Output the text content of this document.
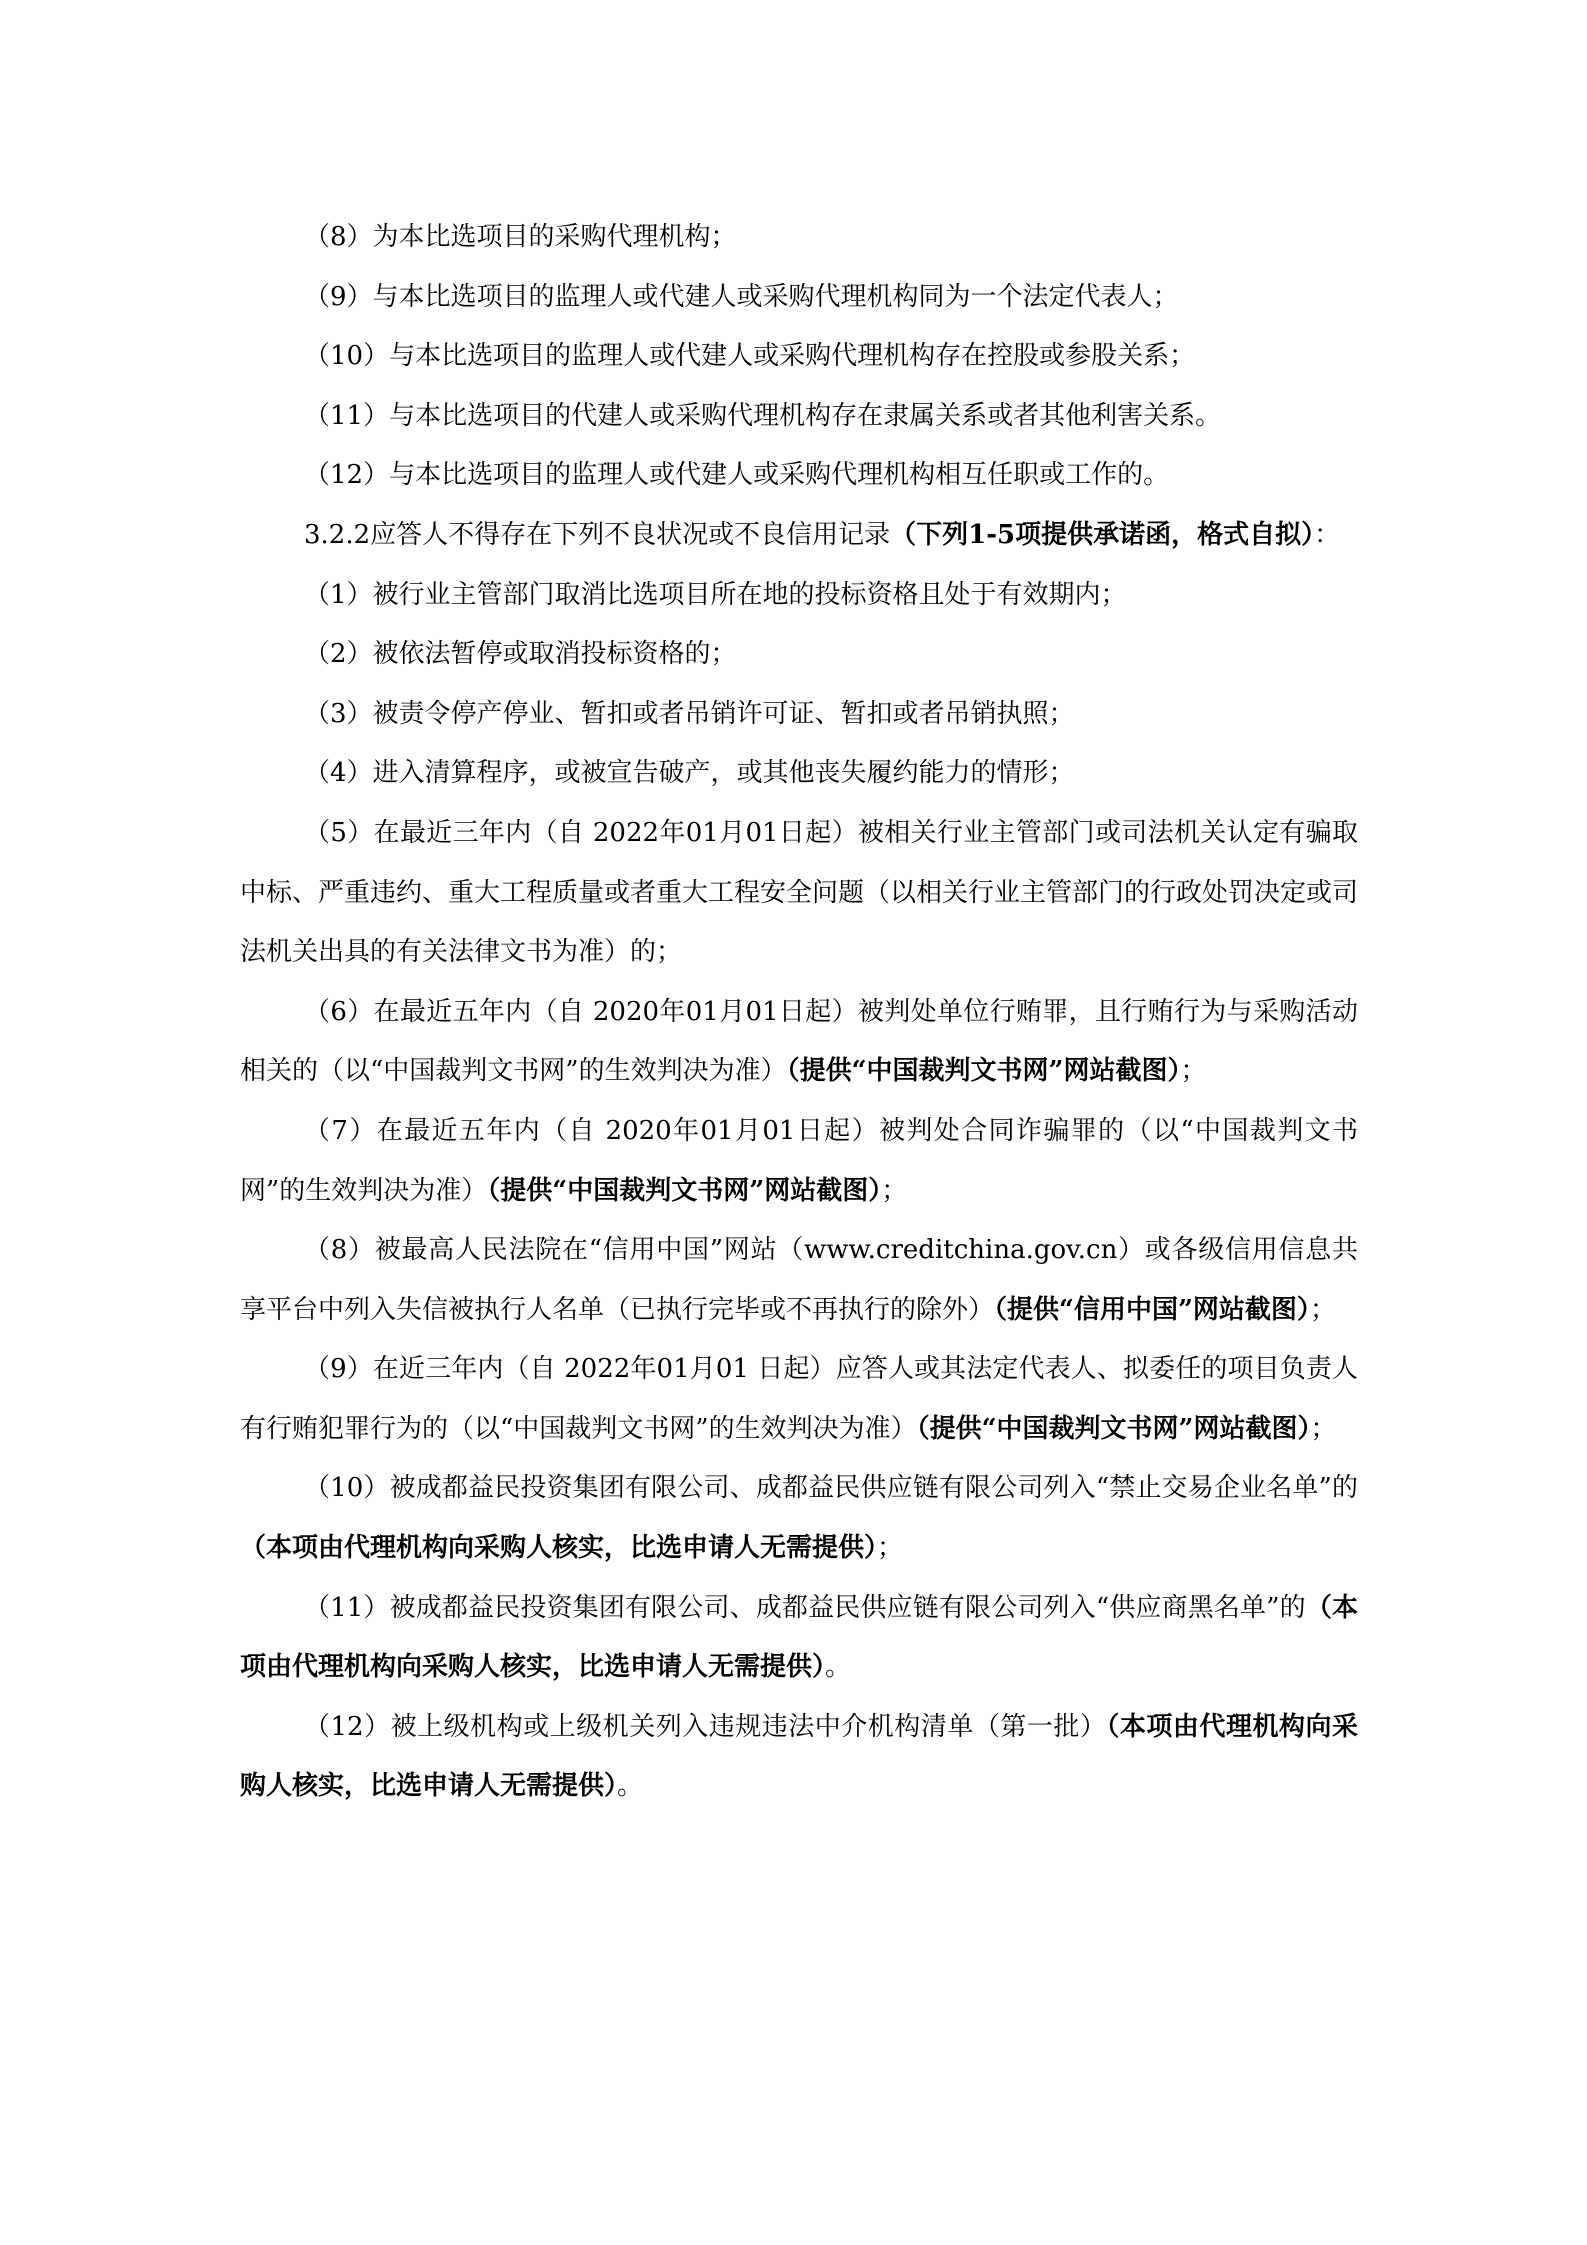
（8）为本比选项目的采购代理机构；

（9）与本比选项目的监理人或代建人或采购代理机构同为一个法定代表人；

（10）与本比选项目的监理人或代建人或采购代理机构存在控股或参股关系；

（11）与本比选项目的代建人或采购代理机构存在隶属关系或者其他利害关系。

（12）与本比选项目的监理人或代建人或采购代理机构相互任职或工作的。

3.2.2应答人不得存在下列不良状况或不良信用记录（下列1-5项提供承诺函，格式自拟）：

（1）被行业主管部门取消比选项目所在地的投标资格且处于有效期内；

（2）被依法暂停或取消投标资格的；

（3）被责令停产停业、暂扣或者吊销许可证、暂扣或者吊销执照；

（4）进入清算程序，或被宣告破产，或其他丧失履约能力的情形；

（5）在最近三年内（自 2022年01月01日起）被相关行业主管部门或司法机关认定有骗取中标、严重违约、重大工程质量或者重大工程安全问题（以相关行业主管部门的行政处罚决定或司法机关出具的有关法律文书为准）的；

（6）在最近五年内（自 2020年01月01日起）被判处单位行贿罪，且行贿行为与采购活动相关的（以“中国裁判文书网”的生效判决为准）（提供“中国裁判文书网”网站截图）；

（7）在最近五年内（自 2020年01月01日起）被判处合同诈骗罪的（以“中国裁判文书网”的生效判决为准）（提供“中国裁判文书网”网站截图）；

（8）被最高人民法院在“信用中国”网站（www.creditchina.gov.cn）或各级信用信息共享平台中列入失信被执行人名单（已执行完毕或不再执行的除外）（提供“信用中国”网站截图）；

（9）在近三年内（自 2022年01月01 日起）应答人或其法定代表人、拟委任的项目负责人有行贿犯罪行为的（以“中国裁判文书网”的生效判决为准）（提供“中国裁判文书网”网站截图）；

（10）被成都益民投资集团有限公司、成都益民供应链有限公司列入“禁止交易企业名单”的（本项由代理机构向采购人核实，比选申请人无需提供）；

（11）被成都益民投资集团有限公司、成都益民供应链有限公司列入“供应商黑名单”的（本项由代理机构向采购人核实，比选申请人无需提供）。

（12）被上级机构或上级机关列入违规违法中介机构清单（第一批）（本项由代理机构向采购人核实，比选申请人无需提供）。
